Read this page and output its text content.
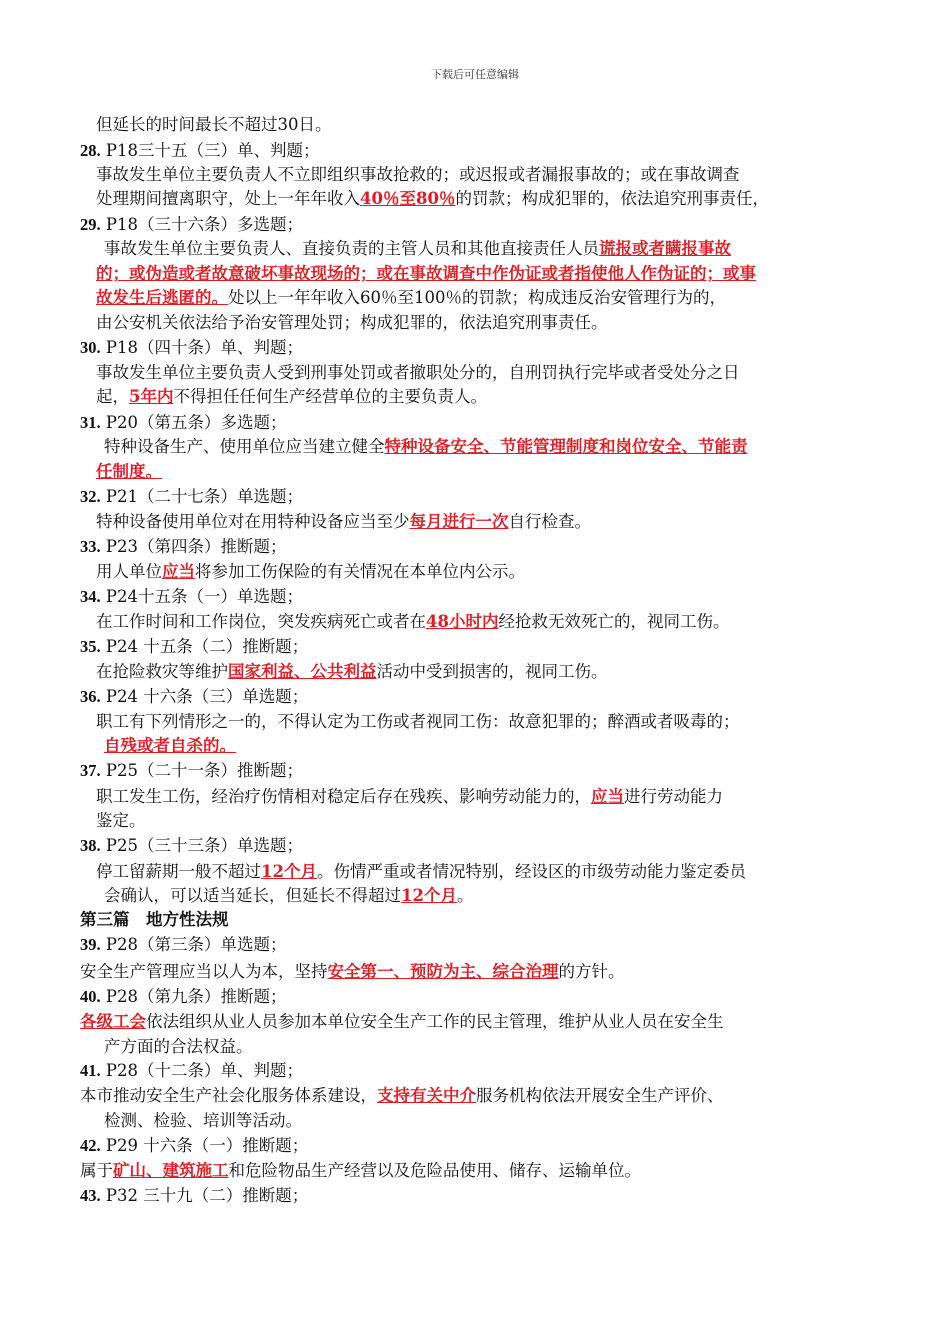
下载后可任意编辑
但延长的时间最长不超过30日。
28. P18三十五（三）单、判题；
事故发生单位主要负责人不立即组织事故抢救的；或迟报或者漏报事故的；或在事故调查
处理期间擅离职守，处上一年年收入40％至80％的罚款；构成犯罪的，依法追究刑事责任，
29. P18（三十六条）多选题；
事故发生单位主要负责人、直接负责的主管人员和其他直接责任人员谎报或者瞒报事故
的；或伪造或者故意破坏事故现场的；或在事故调查中作伪证或者指使他人作伪证的；或事
故发生后逃匿的。处以上一年年收入60％至100％的罚款；构成违反治安管理行为的，
由公安机关依法给予治安管理处罚；构成犯罪的，依法追究刑事责任。
30. P18（四十条）单、判题；
事故发生单位主要负责人受到刑事处罚或者撤职处分的，自刑罚执行完毕或者受处分之日
起，5年内不得担任任何生产经营单位的主要负责人。
31. P20（第五条）多选题；
特种设备生产、使用单位应当建立健全特种设备安全、节能管理制度和岗位安全、节能责
任制度。
32. P21（二十七条）单选题；
特种设备使用单位对在用特种设备应当至少每月进行一次自行检查。
33. P23（第四条）推断题；
用人单位应当将参加工伤保险的有关情况在本单位内公示。
34. P24十五条（一）单选题；
在工作时间和工作岗位，突发疾病死亡或者在48小时内经抢救无效死亡的，视同工伤。
35. P24 十五条（二）推断题；
在抢险救灾等维护国家利益、公共利益活动中受到损害的，视同工伤。
36. P24 十六条（三）单选题；
职工有下列情形之一的，不得认定为工伤或者视同工伤：故意犯罪的；醉酒或者吸毒的；
自残或者自杀的。
37. P25（二十一条）推断题；
职工发生工伤，经治疗伤情相对稳定后存在残疾、影响劳动能力的，应当进行劳动能力
鉴定。
38. P25（三十三条）单选题；
停工留薪期一般不超过12个月。伤情严重或者情况特别，经设区的市级劳动能力鉴定委员
会确认，可以适当延长，但延长不得超过12个月。
第三篇　地方性法规
39. P28（第三条）单选题；
安全生产管理应当以人为本，坚持安全第一、预防为主、综合治理的方针。
40. P28（第九条）推断题；
各级工会依法组织从业人员参加本单位安全生产工作的民主管理，维护从业人员在安全生
产方面的合法权益。
41. P28（十二条）单、判题；
本市推动安全生产社会化服务体系建设，支持有关中介服务机构依法开展安全生产评价、
检测、检验、培训等活动。
42. P29 十六条（一）推断题；
属于矿山、建筑施工和危险物品生产经营以及危险品使用、储存、运输单位。
43. P32 三十九（二）推断题；
